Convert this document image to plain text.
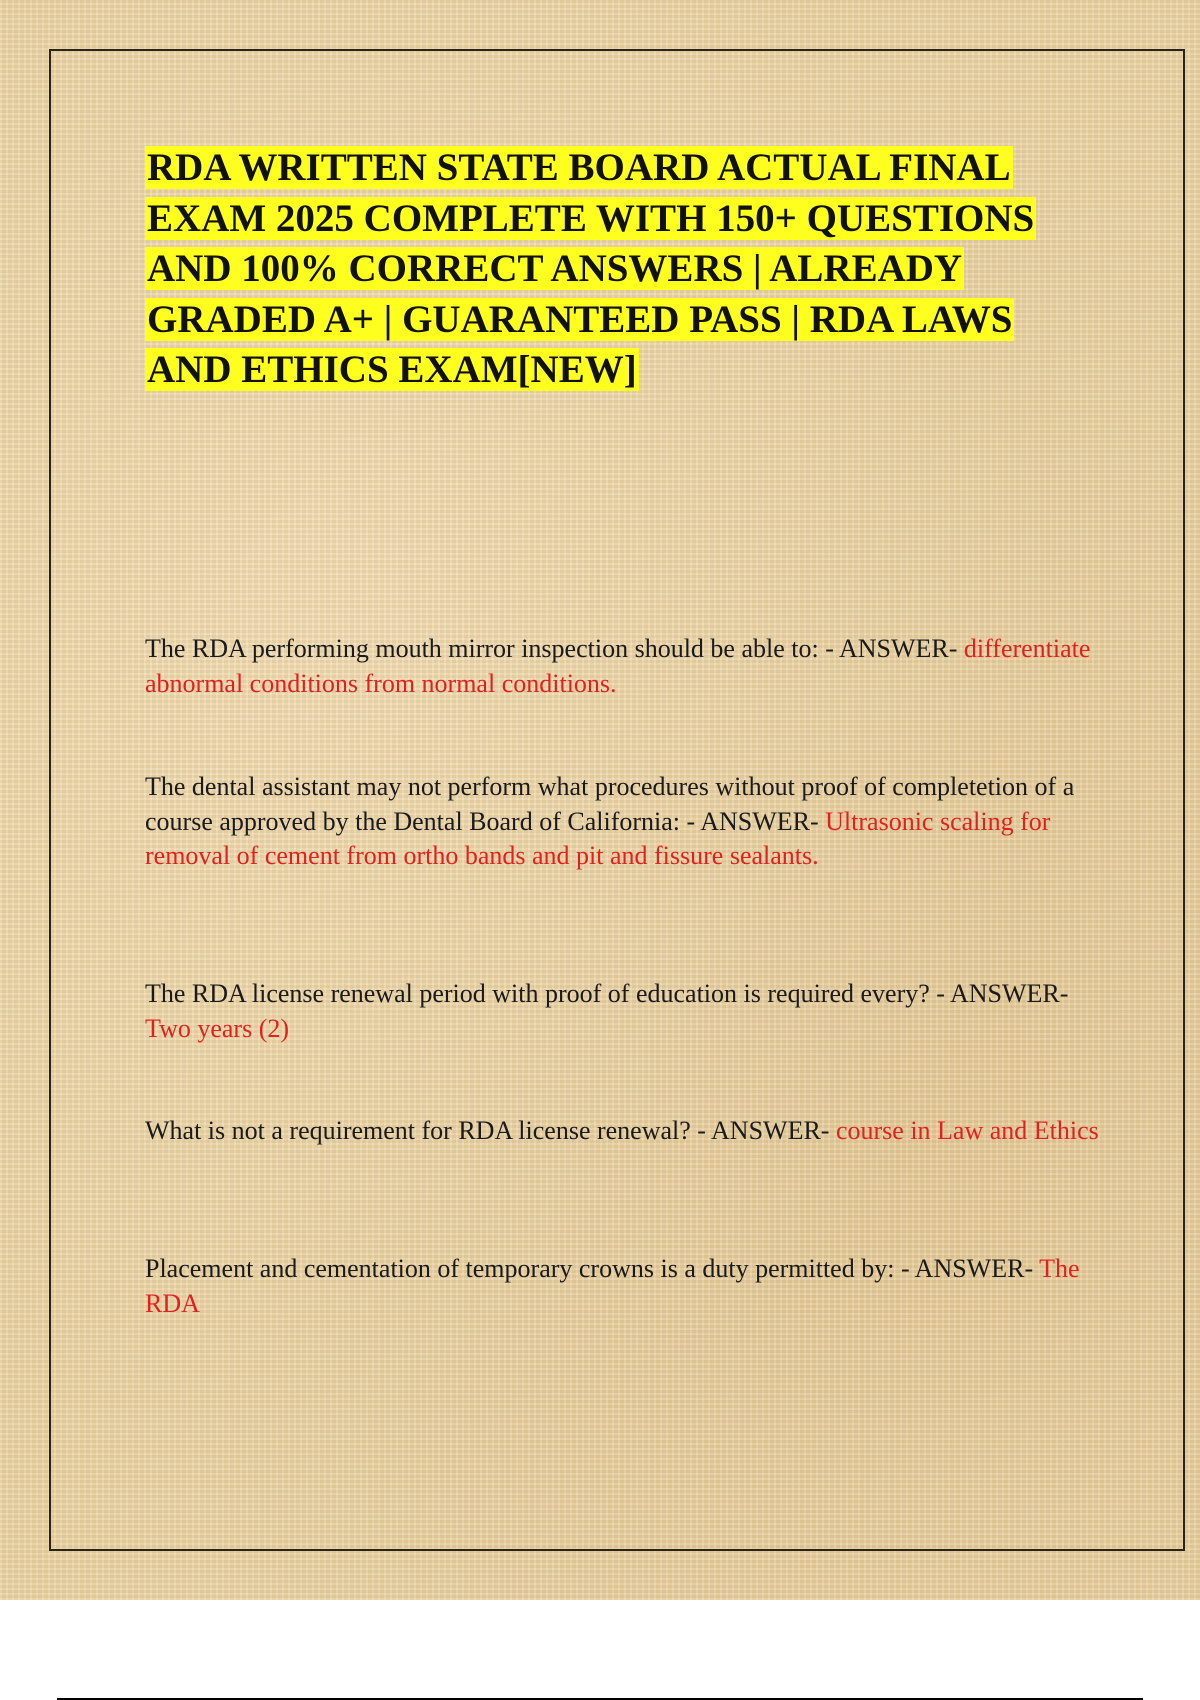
RDA WRITTEN STATE BOARD ACTUAL FINAL EXAM 2025 COMPLETE WITH 150+ QUESTIONS AND 100% CORRECT ANSWERS | ALREADY GRADED A+ | GUARANTEED PASS | RDA LAWS AND ETHICS EXAM[NEW]

The RDA performing mouth mirror inspection should be able to: - ANSWER- differentiate abnormal conditions from normal conditions.

The dental assistant may not perform what procedures without proof of completetion of a course approved by the Dental Board of California: - ANSWER- Ultrasonic scaling for removal of cement from ortho bands and pit and fissure sealants.

The RDA license renewal period with proof of education is required every? - ANSWER- Two years (2)

What is not a requirement for RDA license renewal? - ANSWER- course in Law and Ethics

Placement and cementation of temporary crowns is a duty permitted by: - ANSWER- The RDA
